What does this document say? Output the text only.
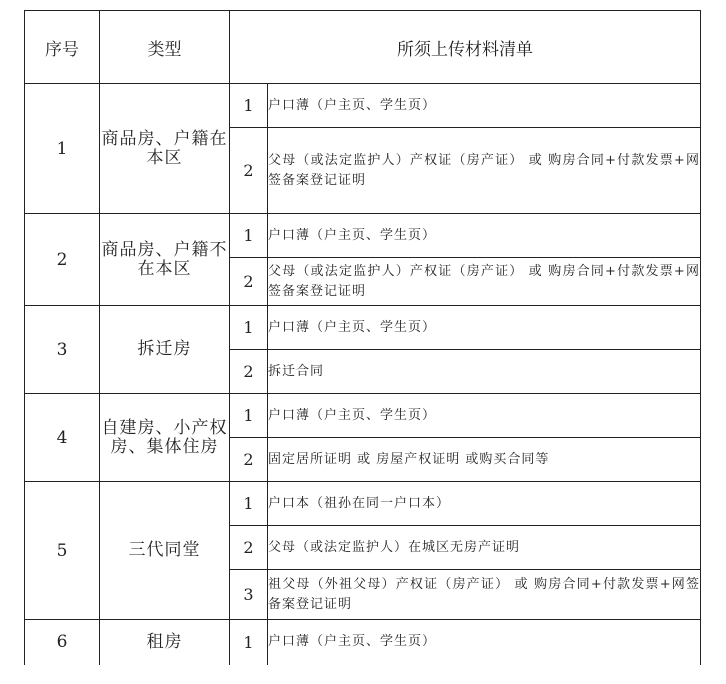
序号	类型	所须上传材料清单	
1	商品房、户籍在本区	1	户口薄（户主页、学生页）
		2	父母（或法定监护人）产权证（房产证） 或 购房合同+付款发票+网签备案登记证明
2	商品房、户籍不在本区	1	户口薄（户主页、学生页）
		2	父母（或法定监护人）产权证（房产证） 或 购房合同+付款发票+网签备案登记证明
3	拆迁房	1	户口薄（户主页、学生页）
		2	拆迁合同
4	自建房、小产权房、集体住房	1	户口薄（户主页、学生页）
		2	固定居所证明 或 房屋产权证明 或购买合同等
5	三代同堂	1	户口本（祖孙在同一户口本）
		2	父母（或法定监护人）在城区无房产证明
		3	祖父母（外祖父母）产权证（房产证） 或 购房合同+付款发票+网签备案登记证明
6	租房	1	户口薄（户主页、学生页）
